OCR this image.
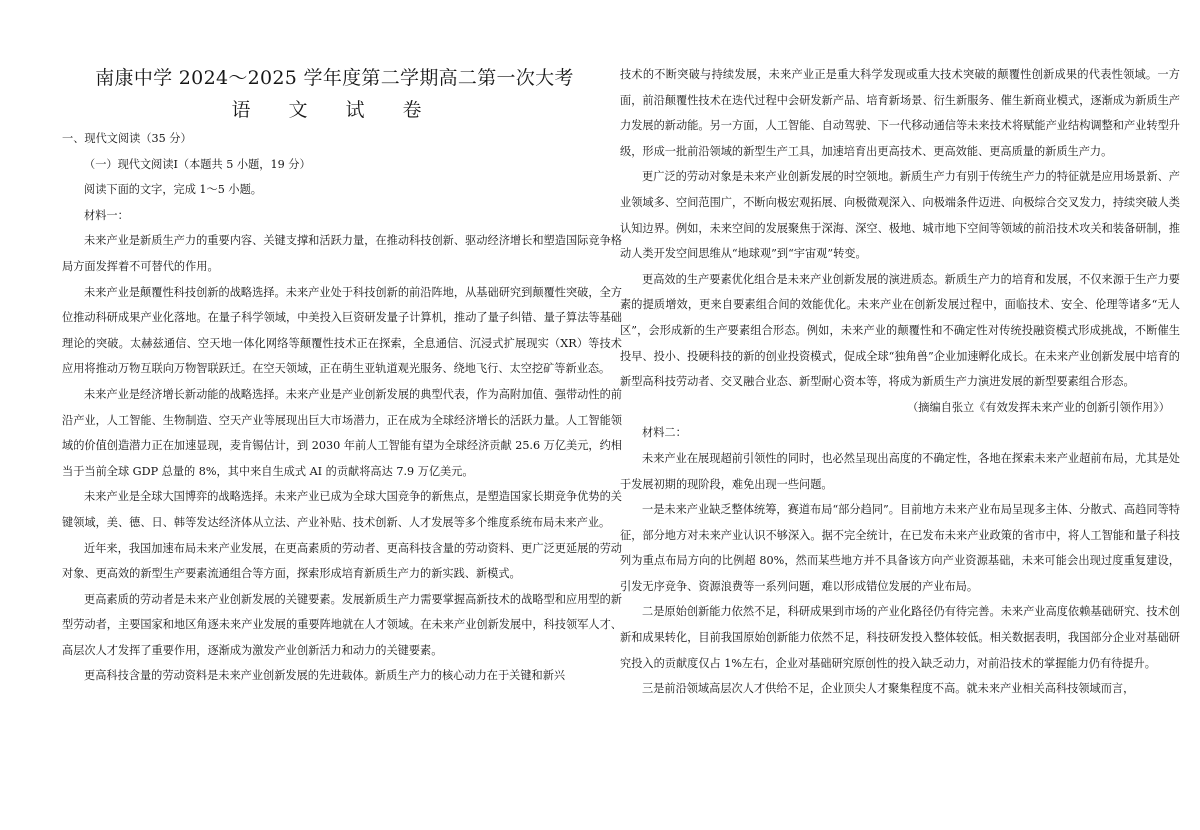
南康中学 2024～2025 学年度第二学期高二第一次大考
语 文 试 卷

一、现代文阅读（35 分）

（一）现代文阅读Ⅰ（本题共 5 小题，19 分）

阅读下面的文字，完成 1～5 小题。

材料一：

未来产业是新质生产力的重要内容、关键支撑和活跃力量，在推动科技创新、驱动经济增长和塑造国际竞争格局方面发挥着不可替代的作用。

未来产业是颠覆性科技创新的战略选择。未来产业处于科技创新的前沿阵地，从基础研究到颠覆性突破，全方位推动科研成果产业化落地。在量子科学领域，中美投入巨资研发量子计算机，推动了量子纠错、量子算法等基础理论的突破。太赫兹通信、空天地一体化网络等颠覆性技术正在探索，全息通信、沉浸式扩展现实（XR）等技术应用将推动万物互联向万物智联跃迁。在空天领域，正在萌生亚轨道观光服务、绕地飞行、太空挖矿等新业态。

未来产业是经济增长新动能的战略选择。未来产业是产业创新发展的典型代表，作为高附加值、强带动性的前沿产业，人工智能、生物制造、空天产业等展现出巨大市场潜力，正在成为全球经济增长的活跃力量。人工智能领域的价值创造潜力正在加速显现，麦肯锡估计，到 2030 年前人工智能有望为全球经济贡献 25.6 万亿美元，约相当于当前全球 GDP 总量的 8%，其中来自生成式 AI 的贡献将高达 7.9 万亿美元。

未来产业是全球大国博弈的战略选择。未来产业已成为全球大国竞争的新焦点，是塑造国家长期竞争优势的关键领域，美、德、日、韩等发达经济体从立法、产业补贴、技术创新、人才发展等多个维度系统布局未来产业。

近年来，我国加速布局未来产业发展，在更高素质的劳动者、更高科技含量的劳动资料、更广泛更延展的劳动对象、更高效的新型生产要素流通组合等方面，探索形成培育新质生产力的新实践、新模式。

更高素质的劳动者是未来产业创新发展的关键要素。发展新质生产力需要掌握高新技术的战略型和应用型的新型劳动者，主要国家和地区角逐未来产业发展的重要阵地就在人才领域。在未来产业创新发展中，科技领军人才、高层次人才发挥了重要作用，逐渐成为激发产业创新活力和动力的关键要素。

更高科技含量的劳动资料是未来产业创新发展的先进载体。新质生产力的核心动力在于关键和新兴

技术的不断突破与持续发展，未来产业正是重大科学发现或重大技术突破的颠覆性创新成果的代表性领域。一方面，前沿颠覆性技术在迭代过程中会研发新产品、培育新场景、衍生新服务、催生新商业模式，逐渐成为新质生产力发展的新动能。另一方面，人工智能、自动驾驶、下一代移动通信等未来技术将赋能产业结构调整和产业转型升级，形成一批前沿领域的新型生产工具，加速培育出更高技术、更高效能、更高质量的新质生产力。

更广泛的劳动对象是未来产业创新发展的时空领地。新质生产力有别于传统生产力的特征就是应用场景新、产业领域多、空间范围广，不断向极宏观拓展、向极微观深入、向极端条件迈进、向极综合交叉发力，持续突破人类认知边界。例如，未来空间的发展聚焦于深海、深空、极地、城市地下空间等领域的前沿技术攻关和装备研制，推动人类开发空间思维从“地球观”到“宇宙观”转变。

更高效的生产要素优化组合是未来产业创新发展的演进质态。新质生产力的培育和发展，不仅来源于生产力要素的提质增效，更来自要素组合间的效能优化。未来产业在创新发展过程中，面临技术、安全、伦理等诸多“无人区”，会形成新的生产要素组合形态。例如，未来产业的颠覆性和不确定性对传统投融资模式形成挑战，不断催生投早、投小、投硬科技的新的创业投资模式，促成全球“独角兽”企业加速孵化成长。在未来产业创新发展中培育的新型高科技劳动者、交叉融合业态、新型耐心资本等，将成为新质生产力演进发展的新型要素组合形态。

（摘编自张立《有效发挥未来产业的创新引领作用》）

材料二：

未来产业在展现超前引领性的同时，也必然呈现出高度的不确定性，各地在探索未来产业超前布局，尤其是处于发展初期的现阶段，难免出现一些问题。

一是未来产业缺乏整体统筹，赛道布局“部分趋同”。目前地方未来产业布局呈现多主体、分散式、高趋同等特征，部分地方对未来产业认识不够深入。据不完全统计，在已发布未来产业政策的省市中，将人工智能和量子科技列为重点布局方向的比例超 80%，然而某些地方并不具备该方向产业资源基础，未来可能会出现过度重复建设，引发无序竞争、资源浪费等一系列问题，难以形成错位发展的产业布局。

二是原始创新能力依然不足，科研成果到市场的产业化路径仍有待完善。未来产业高度依赖基础研究、技术创新和成果转化，目前我国原始创新能力依然不足，科技研发投入整体较低。相关数据表明，我国部分企业对基础研究投入的贡献度仅占 1%左右，企业对基础研究原创性的投入缺乏动力，对前沿技术的掌握能力仍有待提升。

三是前沿领域高层次人才供给不足，企业顶尖人才聚集程度不高。就未来产业相关高科技领域而言，
